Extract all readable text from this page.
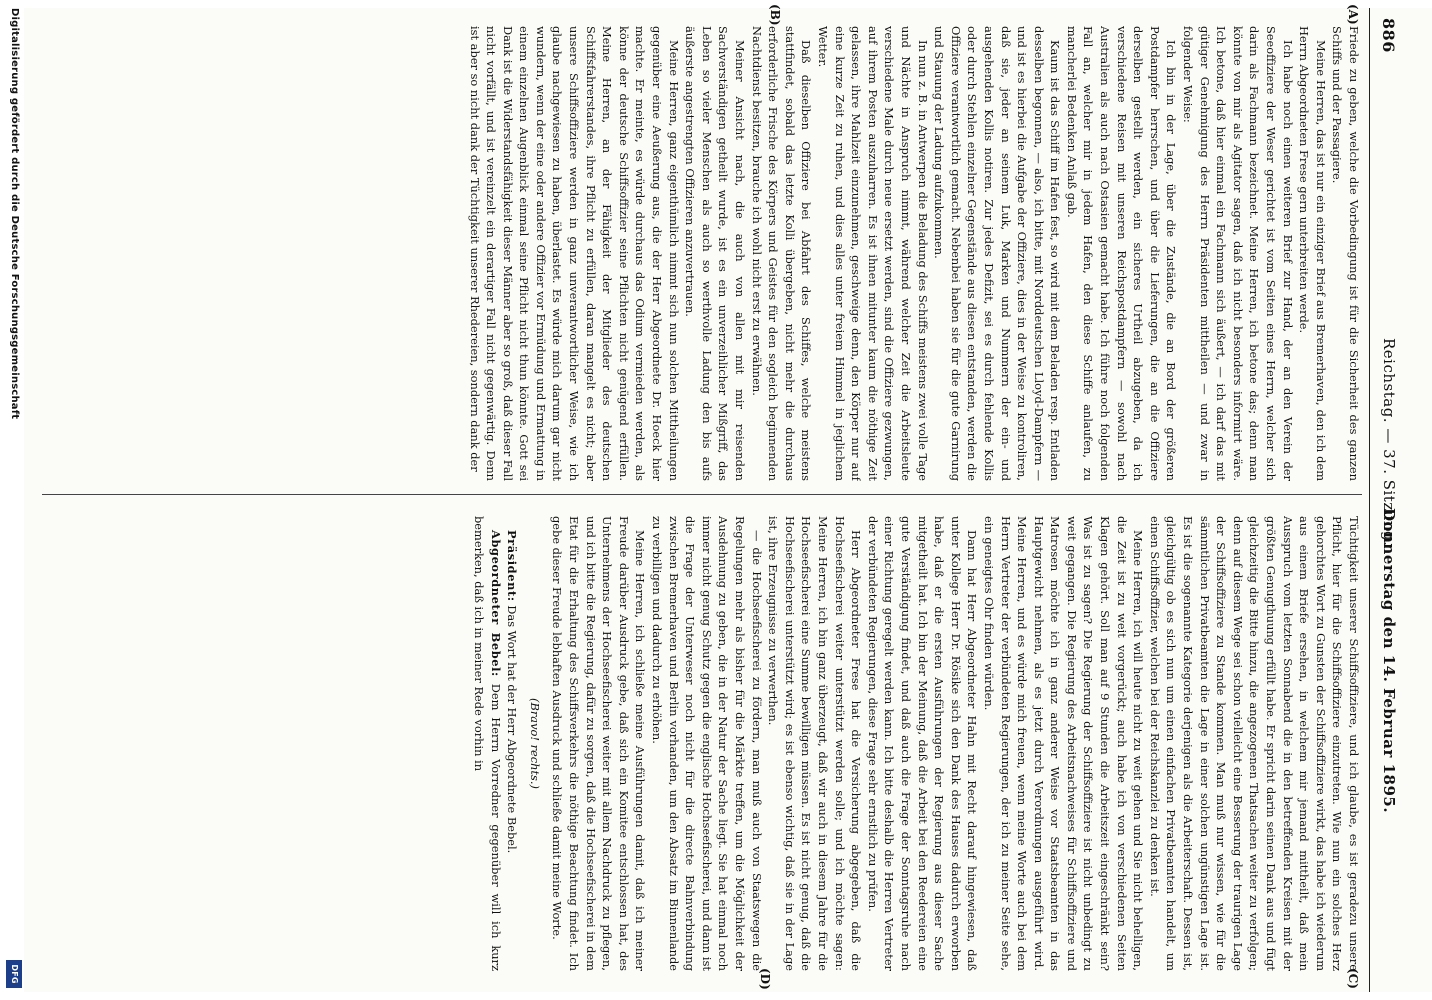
886
Reichstag. — 37. Sitzung.
Donnerstag den 14. Februar 1895.
(A)
(B)
(C)
(D)

Friede zu geben, welche die Vorbedingung ist für die Sicherheit des ganzen Schiffs und der Passagiere.

Meine Herren, das ist nur ein einziger Brief aus Bremerhaven, den ich dem Herrn Abgeordneten Frese gern unterbreiten werde.

Ich habe noch einen weiteren Brief zur Hand, der an den Verein der Seeoffiziere der Weser gerichtet ist vom Seiten eines Herrn, welcher sich darin als Fachmann bezeichnet. Meine Herren, ich betone das; denn man könnte von mir als Agitator sagen, daß ich nicht besonders informirt wäre. Ich betone, daß hier einmal ein Fachmann sich äußert, — ich darf das mit gütiger Genehmigung des Herrn Präsidenten mittheilen — und zwar in folgender Weise:

Ich bin in der Lage, über die Zustände, die an Bord der größeren Postdampfer herrschen, und über die Lieferungen, die an die Offiziere derselben gestellt werden, ein sicheres Urtheil abzugeben, da ich verschiedene Reisen mit unseren Reichspostdampfern — sowohl nach Australien als auch nach Ostasien gemacht habe. Ich führe noch folgenden Fall an, welcher mir in jedem Hafen, den diese Schiffe anlaufen, zu mancherlei Bedenken Anlaß gab.

Kaum ist das Schiff im Hafen fest, so wird mit dem Beladen resp. Entladen desselben begonnen, — also, ich bitte, mit Norddeutschen Lloyd-Dampfern — und ist es hierbei die Aufgabe der Offiziere, dies in der Weise zu kontroliren, daß sie, jeder an seinem Luk, Marken und Nummern der ein- und ausgehenden Kollis notiren. Zur jedes Defizit, sei es durch fehlende Kollis oder durch Stehlen einzelner Gegenstände aus diesen entstanden, werden die Offiziere verantwortlich gemacht. Nebenbei haben sie für die gute Garnirung und Stauung der Ladung aufzukommen.

In nun z. B. in Antwerpen die Beladung des Schiffs meistens zwei volle Tage und Nächte in Anspruch nimmt, während welcher Zeit die Arbeitsleute verschiedene Male durch neue ersetzt werden, sind die Offiziere gezwungen, auf ihrem Posten auszuharren. Es ist ihnen mitunter kaum die nöthige Zeit gelassen, ihre Mahlzeit einzunehmen, geschweige denn, den Körper nur auf eine kurze Zeit zu ruhen, und dies alles unter freiem Himmel in jeglichem Wetter.

Daß dieselben Offiziere bei Abfahrt des Schiffes, welche meistens stattfindet, sobald das letzte Kolli übergeben, nicht mehr die durchaus erforderliche Frische des Körpers und Geistes für den sogleich beginnenden Nachtdienst besitzen, brauche ich wohl nicht erst zu erwähnen.

Meiner Ansicht nach, die auch von allen mit mir reisenden Sachverständigen getheilt wurde, ist es ein unverzeihlicher Mißgriff, das Leben so vieler Menschen als auch so werthvolle Ladung den bis aufs äußerste angestrengten Offizieren anzuvertrauen.

Meine Herren, ganz eigenthümlich nimmt sich nun solchen Mittheilungen gegenüber eine Aeußerung aus, die der Herr Abgeordnete Dr. Hoeck hier machte. Er meinte, es würde durchaus das Odium vermieden werden, als könne der deutsche Schiffsoffizier seine Pflichten nicht genügend erfüllen. Meine Herren, an der Fähigkeit der Mitglieder des deutschen Schiffsfahrerstandes, ihre Pflicht zu erfüllen, daran mangelt es nicht; aber unsere Schiffsoffiziere werden in ganz unverantwortlicher Weise, wie ich glaube nachgewiesen zu haben, überlastet. Es würde mich darum gar nicht wundern, wenn der eine oder andere Offizier vor Ermüdung und Ermattung in einem einzelnen Augenblick einmal seine Pflicht nicht thun könnte. Gott sei Dank ist die Widerstandsfähigkeit dieser Männer aber so groß, daß dieser Fall nicht vorfällt, und ist vereinzelt ein derartiger Fall nicht gegenwärtig. Denn ist aber so nicht dank der Tüchtigkeit unserer Rhedereien, sondern dank der

Tüchtigkeit unserer Schiffsoffiziere, und ich glaube, es ist geradezu unsere Pflicht, hier für die Schiffsoffiziere einzutreten. Wie nun ein solches Herz gehorchtes Wort zu Gunsten der Schiffsoffiziere wirkt, das habe ich wiederum aus einem Briefe ersehen, in welchem mir jemand mittheilt, daß mein Ausspruch vom letzten Sonnabend die in den betreffenden Kreisen mit der größten Genugthuung erfüllt habe. Er spricht darin seinen Dank aus und fügt gleichzeitig die Bitte hinzu, die angezogenen Thatsachen weiter zu verfolgen; denn auf diesem Wege sei schon vielleicht eine Besserung der traurigen Lage der Schiffsoffiziere zu Stande kommen. Man muß nur wissen, wie für die sämmtlichen Privatbeamten die Lage in einer solchen ungünstigen Lage ist. Es ist die sogenannte Kategorie derjenigen als die Arbeiterschaft. Dessen ist, gleichgültig ob es sich nun um einen einfachen Privatbeamten handelt, um einen Schiffsoffizier, welchen bei der Reichskanzlei zu denken ist.

Meine Herren, ich will heute nicht zu weit gehen und Sie nicht behelligen, die Zeit ist zu weit vorgerückt; auch habe ich von verschiedenen Seiten Klagen gehört. Soll man auf 9 Stunden die Arbeitszeit eingeschränkt sein? Was ist zu sagen? Die Regierung der Schiffsoffiziere ist nicht unbedingt zu weit gegangen. Die Regierung des Arbeitsnachweises für Schiffsoffiziere und Matrosen möchte ich in ganz anderer Weise vor Staatsbeamten in das Hauptgewicht nehmen, als es jetzt durch Verordnungen ausgeführt wird. Meine Herren, und es würde mich freuen, wenn meine Worte auch bei dem Herrn Vertreter der verbündeten Regierungen, der ich zu meiner Seite sehe, ein geneigtes Ohr finden würden.

Dann hat Herr Abgeordneter Hahn mit Recht darauf hingewiesen, daß unter Kollege Herr Dr. Rösike sich den Dank des Hauses dadurch erworben habe, daß er die ersten Ausführungen der Regierung aus dieser Sache mitgetheilt hat. Ich bin der Meinung, daß die Arbeit bei den Reedereien eine gute Verständigung findet, und daß auch die Frage der Sonntagsruhe nach einer Richtung geregelt werden kann. Ich bitte deshalb die Herren Vertreter der verbündeten Regierungen, diese Frage sehr ernstlich zu prüfen.

Herr Abgeordneter Frese hat die Versicherung abgegeben, daß die Hochseefischerei weiter unterstützt werden solle; und ich möchte sagen: Meine Herren, ich bin ganz überzeugt, daß wir auch in diesem Jahre für die Hochseefischerei eine Summe bewilligen müssen. Es ist nicht genug, daß die Hochseefischerei unterstützt wird; es ist ebenso wichtig, daß sie in der Lage ist, ihre Erzeugnisse zu verwerthen.

— die Hochseefischerei zu fördern, man muß auch von Staatswegen die Regelungen mehr als bisher für die Märkte treffen, um die Möglichkeit der Ausdehnung zu geben, die in der Natur der Sache liegt. Sie hat einmal noch immer nicht genug Schutz gegen die englische Hochseefischerei, und dann ist die Frage der Unterweser noch nicht für die directe Bahnverbindung zwischen Bremerhaven und Berlin vorhanden, um den Absatz im Binnenlande zu verbilligen und dadurch zu erhöhen.

Meine Herren, ich schließe meine Ausführungen damit, daß ich meiner Freude darüber Ausdruck gebe, daß sich ein Komitee entschlossen hat, des Unternehmens der Hochseefischerei weiter mit allem Nachdruck zu pflegen, und ich bitte die Regierung, dafür zu sorgen, daß die Hochseefischerei in dem Etat für die Erhaltung des Schiffsverkehrs die nöthige Beachtung findet. Ich gebe dieser Freude lebhaften Ausdruck und schließe damit meine Worte.

(Bravo! rechts.)

Präsident: Das Wort hat der Herr Abgeordnete Bebel.

Abgeordneter Bebel: Dem Herrn Vorredner gegenüber will ich kurz bemerken, daß ich in meiner Rede vorhin in

Digitalisierung gefördert durch die Deutsche Forschungsgemeinschaft
DFG
